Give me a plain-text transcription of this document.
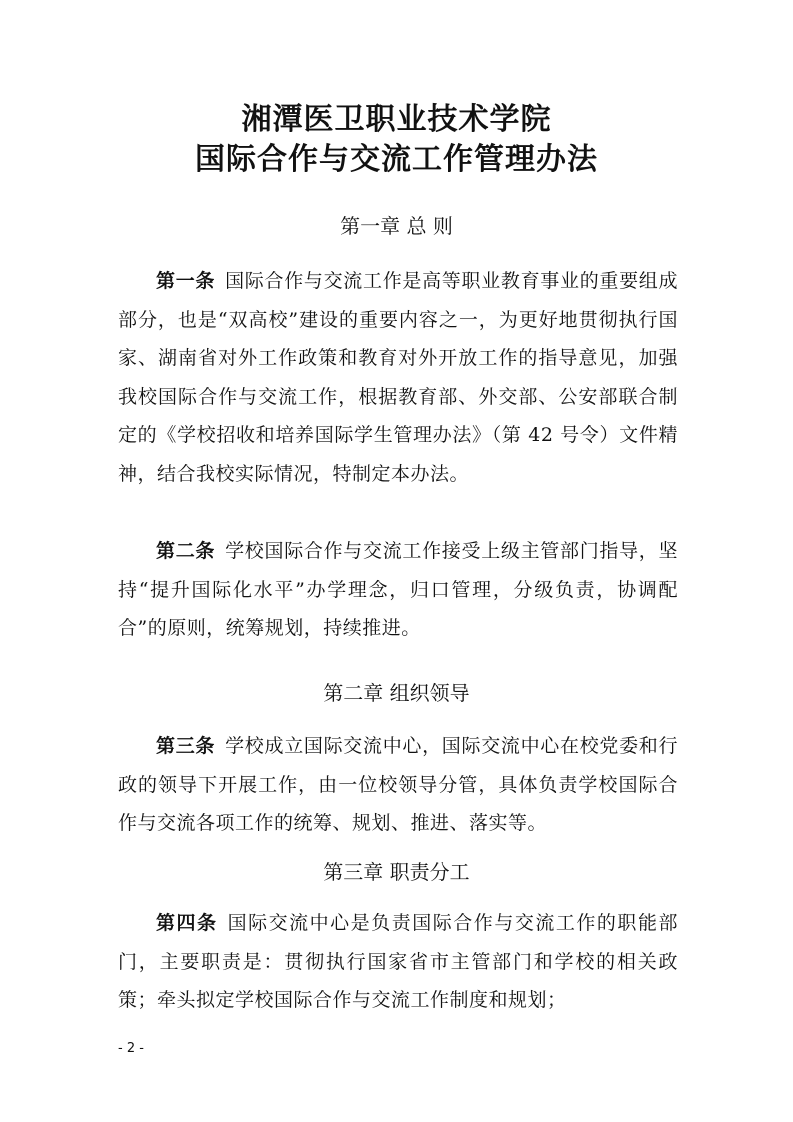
湘潭医卫职业技术学院
国际合作与交流工作管理办法
第一章 总 则

第一条 国际合作与交流工作是高等职业教育事业的重要组成部分，也是“双高校”建设的重要内容之一，为更好地贯彻执行国家、湖南省对外工作政策和教育对外开放工作的指导意见，加强我校国际合作与交流工作，根据教育部、外交部、公安部联合制定的《学校招收和培养国际学生管理办法》（第 42 号令）文件精神，结合我校实际情况，特制定本办法。

第二条 学校国际合作与交流工作接受上级主管部门指导，坚持“提升国际化水平”办学理念，归口管理，分级负责，协调配合”的原则，统筹规划，持续推进。

第二章 组织领导

第三条 学校成立国际交流中心，国际交流中心在校党委和行政的领导下开展工作，由一位校领导分管，具体负责学校国际合作与交流各项工作的统筹、规划、推进、落实等。

第三章 职责分工

第四条 国际交流中心是负责国际合作与交流工作的职能部门，主要职责是：贯彻执行国家省市主管部门和学校的相关政策；牵头拟定学校国际合作与交流工作制度和规划；

- 2 -
